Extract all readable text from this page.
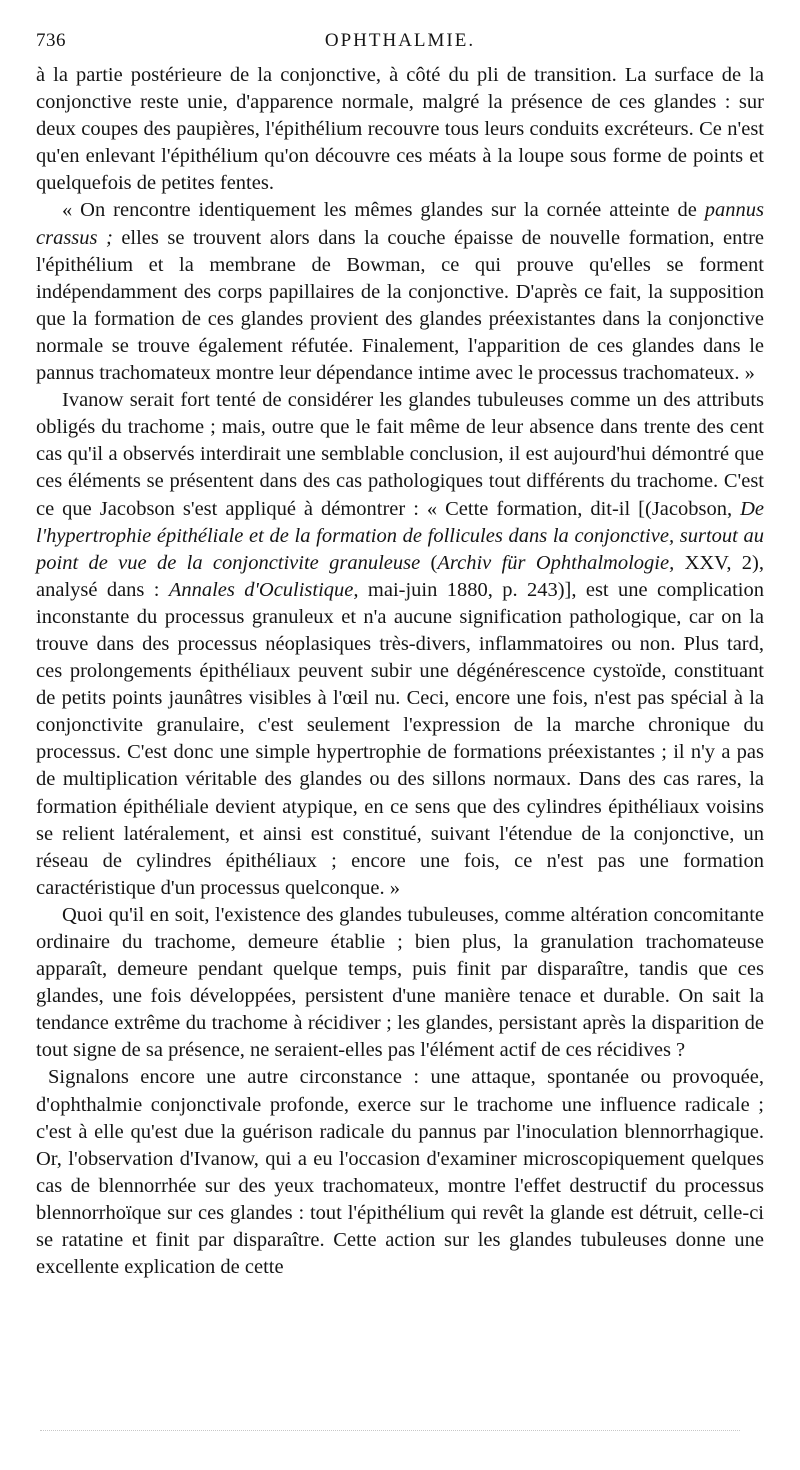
736	OPHTHALMIE.

à la partie postérieure de la conjonctive, à côté du pli de transition. La surface de la conjonctive reste unie, d'apparence normale, malgré la présence de ces glandes : sur deux coupes des paupières, l'épithélium recouvre tous leurs conduits excréteurs. Ce n'est qu'en enlevant l'épithélium qu'on découvre ces méats à la loupe sous forme de points et quelquefois de petites fentes.

« On rencontre identiquement les mêmes glandes sur la cornée atteinte de pannus crassus ; elles se trouvent alors dans la couche épaisse de nouvelle formation, entre l'épithélium et la membrane de Bowman, ce qui prouve qu'elles se forment indépendamment des corps papillaires de la conjonctive. D'après ce fait, la supposition que la formation de ces glandes provient des glandes préexistantes dans la conjonctive normale se trouve également réfutée. Finalement, l'apparition de ces glandes dans le pannus trachomateux montre leur dépendance intime avec le processus trachomateux. »

Ivanow serait fort tenté de considérer les glandes tubuleuses comme un des attributs obligés du trachome ; mais, outre que le fait même de leur absence dans trente des cent cas qu'il a observés interdirait une semblable conclusion, il est aujourd'hui démontré que ces éléments se présentent dans des cas pathologiques tout différents du trachome. C'est ce que Jacobson s'est appliqué à démontrer : « Cette formation, dit-il [(Jacobson, De l'hypertrophie épithéliale et de la formation de follicules dans la conjonctive, surtout au point de vue de la conjonctivite granuleuse (Archiv für Ophthalmologie, XXV, 2), analysé dans : Annales d'Oculistique, mai-juin 1880, p. 243)], est une complication inconstante du processus granuleux et n'a aucune signification pathologique, car on la trouve dans des processus néoplasiques très-divers, inflammatoires ou non. Plus tard, ces prolongements épithéliaux peuvent subir une dégénérescence cystoïde, constituant de petits points jaunâtres visibles à l'œil nu. Ceci, encore une fois, n'est pas spécial à la conjonctivite granulaire, c'est seulement l'expression de la marche chronique du processus. C'est donc une simple hypertrophie de formations préexistantes ; il n'y a pas de multiplication véritable des glandes ou des sillons normaux. Dans des cas rares, la formation épithéliale devient atypique, en ce sens que des cylindres épithéliaux voisins se relient latéralement, et ainsi est constitué, suivant l'étendue de la conjonctive, un réseau de cylindres épithéliaux ; encore une fois, ce n'est pas une formation caractéristique d'un processus quelconque. »

Quoi qu'il en soit, l'existence des glandes tubuleuses, comme altération concomitante ordinaire du trachome, demeure établie ; bien plus, la granulation trachomateuse apparaît, demeure pendant quelque temps, puis finit par disparaître, tandis que ces glandes, une fois développées, persistent d'une manière tenace et durable. On sait la tendance extrême du trachome à récidiver ; les glandes, persistant après la disparition de tout signe de sa présence, ne seraient-elles pas l'élément actif de ces récidives ?

Signalons encore une autre circonstance : une attaque, spontanée ou provoquée, d'ophthalmie conjonctivale profonde, exerce sur le trachome une influence radicale ; c'est à elle qu'est due la guérison radicale du pannus par l'inoculation blennorrhagique. Or, l'observation d'Ivanow, qui a eu l'occasion d'examiner microscopiquement quelques cas de blennorrhée sur des yeux trachomateux, montre l'effet destructif du processus blennorrhoïque sur ces glandes : tout l'épithélium qui revêt la glande est détruit, celle-ci se ratatine et finit par disparaître. Cette action sur les glandes tubuleuses donne une excellente explication de cette
